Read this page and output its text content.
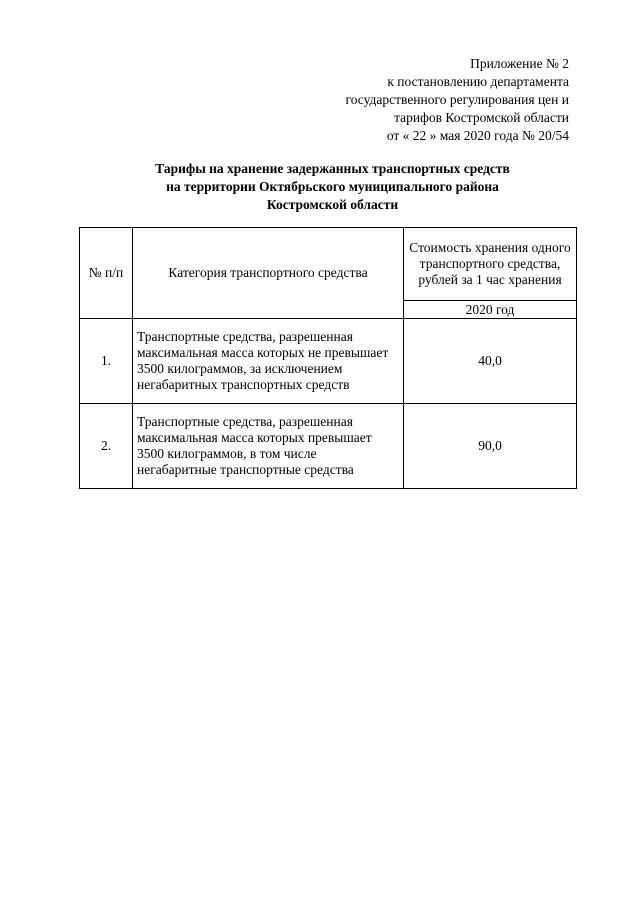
Приложение № 2
к постановлению департамента
государственного регулирования цен и
тарифов Костромской области
от « 22 » мая 2020 года № 20/54
Тарифы на хранение задержанных транспортных средств
на территории Октябрьского муниципального района
Костромской области
№ п/п	Категория транспортного средства	Стоимость хранения одного транспортного средства, рублей за 1 час хранения
		2020 год
1.	Транспортные средства, разрешенная максимальная масса которых не превышает 3500 килограммов, за исключением негабаритных транспортных средств	40,0
2.	Транспортные средства, разрешенная максимальная масса которых превышает 3500 килограммов, в том числе негабаритные транспортные средства	90,0
